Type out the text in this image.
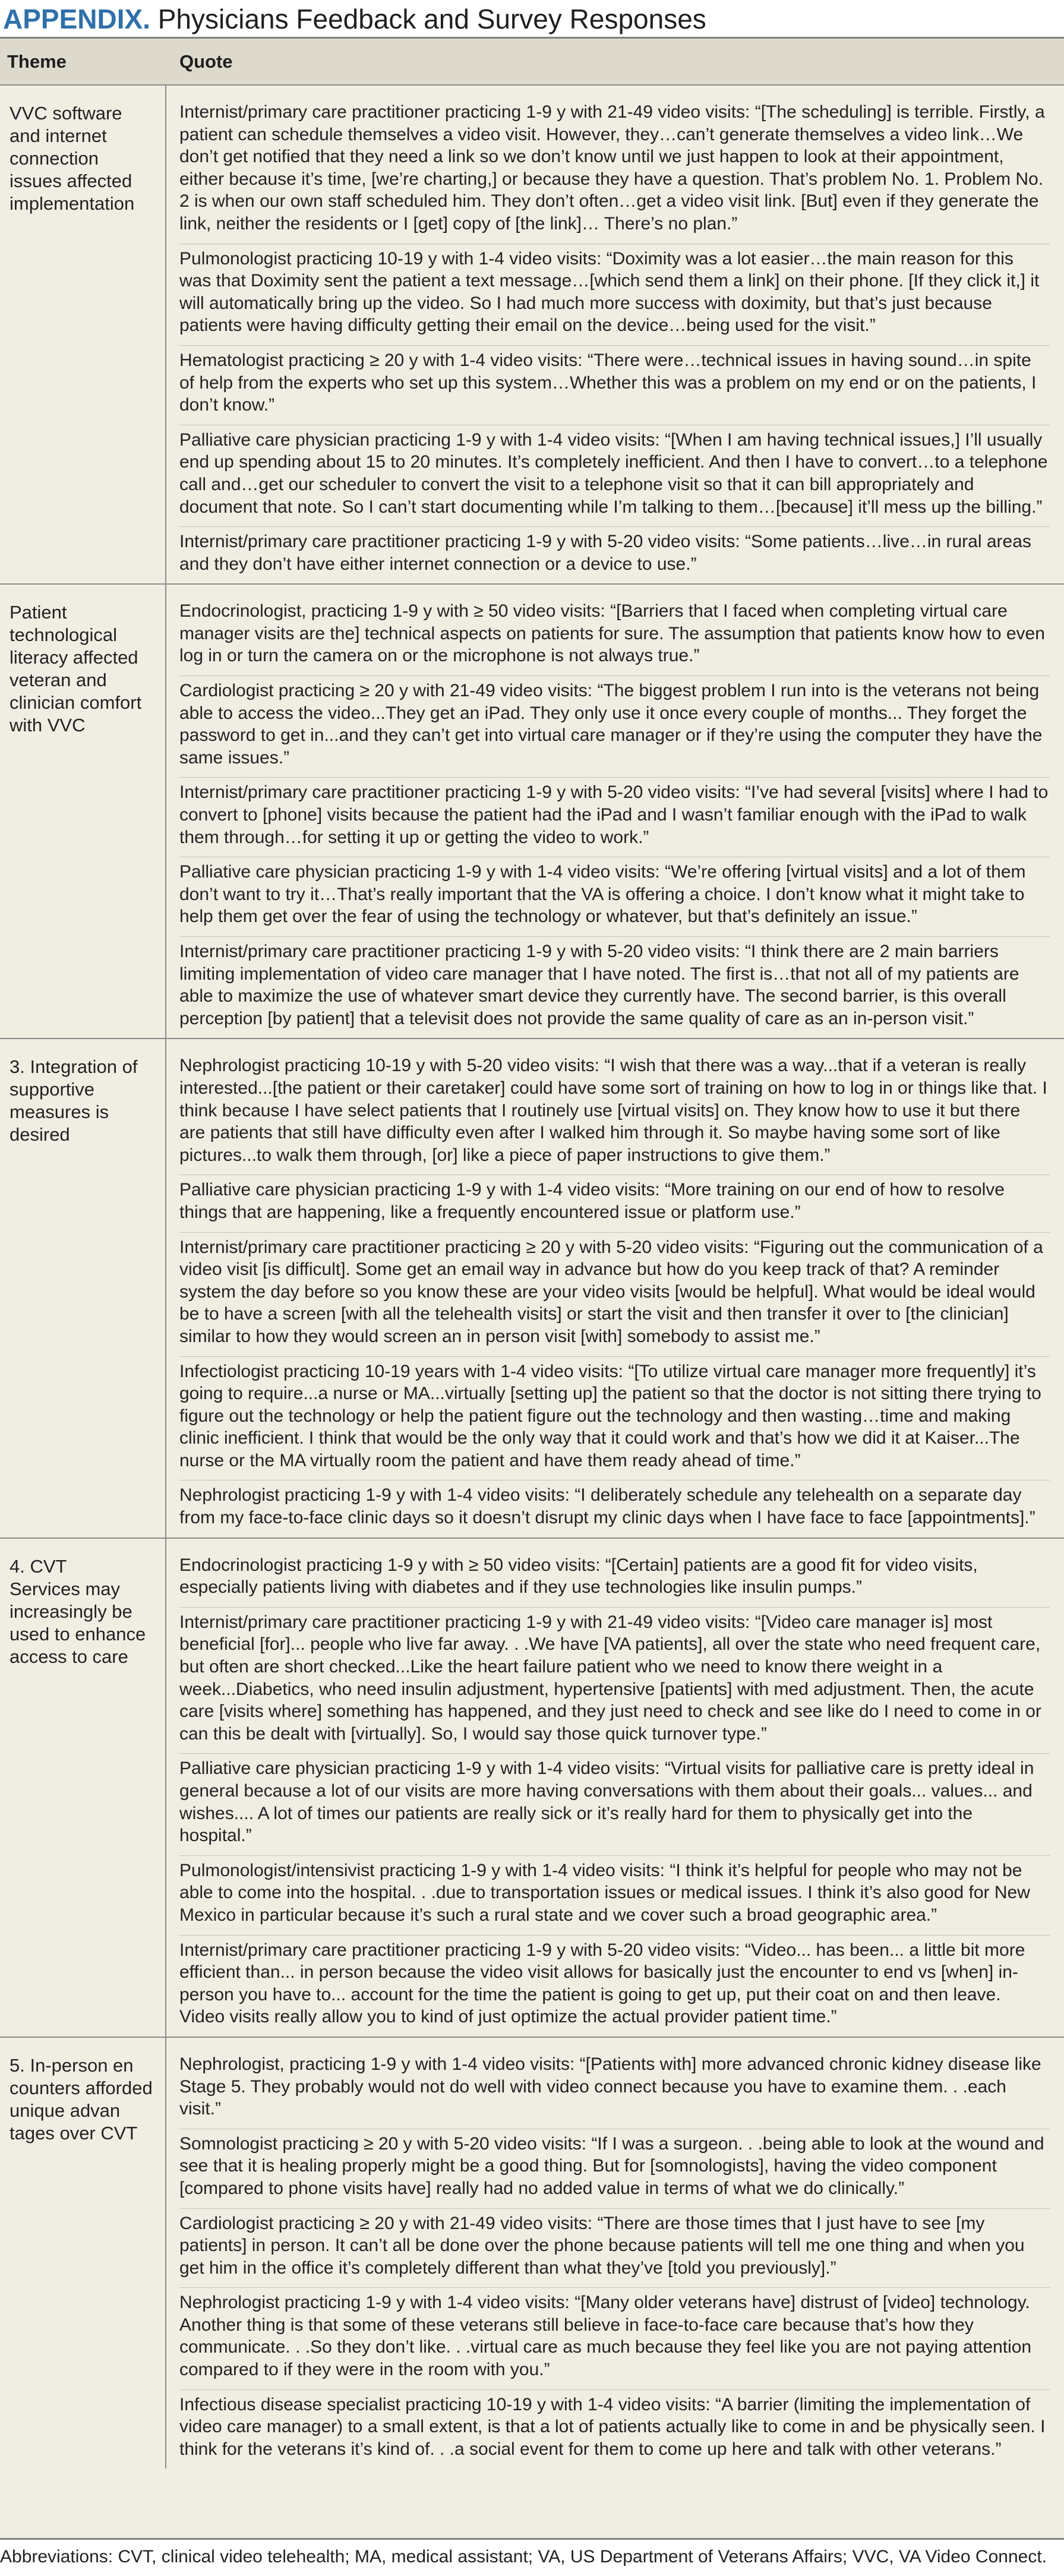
APPENDIX. Physicians Feedback and Survey Responses
Theme	Quote
VVC software
and internet
connection
issues affected
implementation

Internist/primary care practitioner practicing 1-9 y with 21-49 video visits: “[The scheduling] is terrible. Firstly, a patient can schedule themselves a video visit. However, they…can’t generate themselves a video link…We don’t get notified that they need a link so we don’t know until we just happen to look at their appointment, either because it’s time, [we’re charting,] or because they have a question. That’s problem No. 1. Problem No. 2 is when our own staff scheduled him. They don’t often…get a video visit link. [But] even if they generate the link, neither the residents or I [get] copy of [the link]… There’s no plan.”

Pulmonologist practicing 10-19 y with 1-4 video visits: “Doximity was a lot easier…the main reason for this was that Doximity sent the patient a text message…[which send them a link] on their phone. [If they click it,] it will automatically bring up the video. So I had much more success with doximity, but that’s just because patients were having difficulty getting their email on the device…being used for the visit.”

Hematologist practicing ≥ 20 y with 1-4 video visits: “There were…technical issues in having sound…in spite of help from the experts who set up this system…Whether this was a problem on my end or on the patients, I don’t know.”

Palliative care physician practicing 1-9 y with 1-4 video visits: “[When I am having technical issues,] I’ll usually end up spending about 15 to 20 minutes. It’s completely inefficient. And then I have to convert…to a telephone call and…get our scheduler to convert the visit to a telephone visit so that it can bill appropriately and document that note. So I can’t start documenting while I’m talking to them…[because] it’ll mess up the billing.”

Internist/primary care practitioner practicing 1-9 y with 5-20 video visits: “Some patients…live…in rural areas and they don’t have either internet connection or a device to use.”

Patient
technological
literacy affected
veteran and
clinician comfort
with VVC

Endocrinologist, practicing 1-9 y with ≥ 50 video visits: “[Barriers that I faced when completing virtual care manager visits are the] technical aspects on patients for sure. The assumption that patients know how to even log in or turn the camera on or the microphone is not always true.”

Cardiologist practicing ≥ 20 y with 21-49 video visits: “The biggest problem I run into is the veterans not being able to access the video...They get an iPad. They only use it once every couple of months... They forget the password to get in...and they can’t get into virtual care manager or if they’re using the computer they have the same issues.”

Internist/primary care practitioner practicing 1-9 y with 5-20 video visits: “I’ve had several [visits] where I had to convert to [phone] visits because the patient had the iPad and I wasn’t familiar enough with the iPad to walk them through…for setting it up or getting the video to work.”

Palliative care physician practicing 1-9 y with 1-4 video visits: “We’re offering [virtual visits] and a lot of them don’t want to try it…That’s really important that the VA is offering a choice. I don’t know what it might take to help them get over the fear of using the technology or whatever, but that’s definitely an issue.”

Internist/primary care practitioner practicing 1-9 y with 5-20 video visits: “I think there are 2 main barriers limiting implementation of video care manager that I have noted. The first is…that not all of my patients are able to maximize the use of whatever smart device they currently have. The second barrier, is this overall perception [by patient] that a televisit does not provide the same quality of care as an in-person visit.”

3. Integration of
supportive
measures is
desired

Nephrologist practicing 10-19 y with 5-20 video visits: “I wish that there was a way...that if a veteran is really interested...[the patient or their caretaker] could have some sort of training on how to log in or things like that. I think because I have select patients that I routinely use [virtual visits] on. They know how to use it but there are patients that still have difficulty even after I walked him through it. So maybe having some sort of like pictures...to walk them through, [or] like a piece of paper instructions to give them.”

Palliative care physician practicing 1-9 y with 1-4 video visits: “More training on our end of how to resolve things that are happening, like a frequently encountered issue or platform use.”

Internist/primary care practitioner practicing ≥ 20 y with 5-20 video visits: “Figuring out the communication of a video visit [is difficult]. Some get an email way in advance but how do you keep track of that? A reminder system the day before so you know these are your video visits [would be helpful]. What would be ideal would be to have a screen [with all the telehealth visits] or start the visit and then transfer it over to [the clinician] similar to how they would screen an in person visit [with] somebody to assist me.”

Infectiologist practicing 10-19 years with 1-4 video visits: “[To utilize virtual care manager more frequently] it’s going to require...a nurse or MA...virtually [setting up] the patient so that the doctor is not sitting there trying to figure out the technology or help the patient figure out the technology and then wasting…time and making clinic inefficient. I think that would be the only way that it could work and that’s how we did it at Kaiser...The nurse or the MA virtually room the patient and have them ready ahead of time.”

Nephrologist practicing 1-9 y with 1-4 video visits: “I deliberately schedule any telehealth on a separate day from my face-to-face clinic days so it doesn’t disrupt my clinic days when I have face to face [appointments].”

4. CVT
Services may
increasingly be
used to enhance
access to care

Endocrinologist practicing 1-9 y with ≥ 50 video visits: “[Certain] patients are a good fit for video visits, especially patients living with diabetes and if they use technologies like insulin pumps.”

Internist/primary care practitioner practicing 1-9 y with 21-49 video visits: “[Video care manager is] most beneficial [for]... people who live far away. . .We have [VA patients], all over the state who need frequent care, but often are short checked...Like the heart failure patient who we need to know there weight in a week...Diabetics, who need insulin adjustment, hypertensive [patients] with med adjustment. Then, the acute care [visits where] something has happened, and they just need to check and see like do I need to come in or can this be dealt with [virtually]. So, I would say those quick turnover type.”

Palliative care physician practicing 1-9 y with 1-4 video visits: “Virtual visits for palliative care is pretty ideal in general because a lot of our visits are more having conversations with them about their goals... values... and wishes.... A lot of times our patients are really sick or it’s really hard for them to physically get into the hospital.”

Pulmonologist/intensivist practicing 1-9 y with 1-4 video visits: “I think it’s helpful for people who may not be able to come into the hospital. . .due to transportation issues or medical issues. I think it’s also good for New Mexico in particular because it’s such a rural state and we cover such a broad geographic area.”

Internist/primary care practitioner practicing 1-9 y with 5-20 video visits: “Video... has been... a little bit more efficient than... in person because the video visit allows for basically just the encounter to end vs [when] in-person you have to... account for the time the patient is going to get up, put their coat on and then leave. Video visits really allow you to kind of just optimize the actual provider patient time.”

5. In-person en
counters afforded
unique advan
tages over CVT

Nephrologist, practicing 1-9 y with 1-4 video visits: “[Patients with] more advanced chronic kidney disease like Stage 5. They probably would not do well with video connect because you have to examine them. . .each visit.”

Somnologist practicing ≥ 20 y with 5-20 video visits: “If I was a surgeon. . .being able to look at the wound and see that it is healing properly might be a good thing. But for [somnologists], having the video component [compared to phone visits have] really had no added value in terms of what we do clinically.”

Cardiologist practicing ≥ 20 y with 21-49 video visits: “There are those times that I just have to see [my patients] in person. It can’t all be done over the phone because patients will tell me one thing and when you get him in the office it’s completely different than what they’ve [told you previously].”

Nephrologist practicing 1-9 y with 1-4 video visits: “[Many older veterans have] distrust of [video] technology. Another thing is that some of these veterans still believe in face-to-face care because that’s how they communicate. . .So they don’t like. . .virtual care as much because they feel like you are not paying attention compared to if they were in the room with you.”

Infectious disease specialist practicing 10-19 y with 1-4 video visits: “A barrier (limiting the implementation of video care manager) to a small extent, is that a lot of patients actually like to come in and be physically seen. I think for the veterans it’s kind of. . .a social event for them to come up here and talk with other veterans.”

Abbreviations: CVT, clinical video telehealth; MA, medical assistant; VA, US Department of Veterans Affairs; VVC, VA Video Connect.
